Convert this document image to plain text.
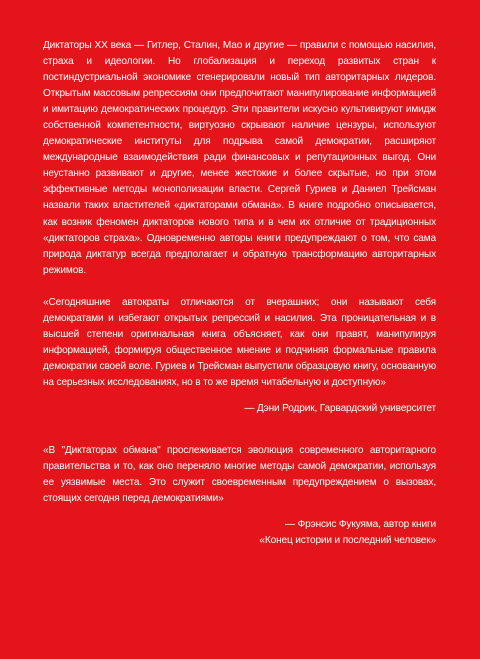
Диктаторы XX века — Гитлер, Сталин, Мао и другие — правили с помощью насилия, страха и идеологии. Но глобализация и переход развитых стран к постиндустриальной экономике сгенерировали новый тип авторитарных лидеров. Открытым массовым репрессиям они предпочитают манипулирование информацией и имитацию демократических процедур. Эти правители искусно культивируют имидж собственной компетентности, виртуозно скрывают наличие цензуры, используют демократические институты для подрыва самой демократии, расширяют международные взаимодействия ради финансовых и репутационных выгод. Они неустанно развивают и другие, менее жестокие и более скрытые, но при этом эффективные методы монополизации власти. Сергей Гуриев и Даниел Трейсман назвали таких властителей «диктаторами обмана». В книге подробно описывается, как возник феномен диктаторов нового типа и в чем их отличие от традиционных «диктаторов страха». Одновременно авторы книги предупреждают о том, что сама природа диктатур всегда предполагает и обратную трансформацию авторитарных режимов.

«Сегодняшние автократы отличаются от вчерашних; они называют себя демократами и избегают открытых репрессий и насилия. Эта проницательная и в высшей степени оригинальная книга объясняет, как они правят, манипулируя информацией, формируя общественное мнение и подчиняя формальные правила демократии своей воле. Гуриев и Трейсман выпустили образцовую книгу, основанную на серьезных исследованиях, но в то же время читабельную и доступную»

— Дэни Родрик, Гарвардский университет

«В "Диктаторах обмана" прослеживается эволюция современного авторитарного правительства и то, как оно переняло многие методы самой демократии, используя ее уязвимые места. Это служит своевременным предупреждением о вызовах, стоящих сегодня перед демократиями»

— Фрэнсис Фукуяма, автор книги

«Конец истории и последний человек»
